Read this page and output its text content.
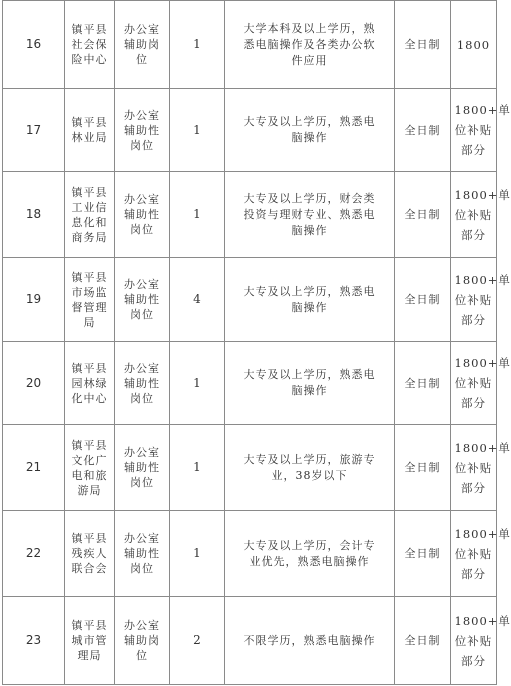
16	镇平县社会保险中心	办公室辅助岗位	1	大学本科及以上学历，熟悉电脑操作及各类办公软件应用	全日制	1800	
17	镇平县林业局	办公室辅助性岗位	1	大专及以上学历，熟悉电脑操作	全日制	1800+单位补贴部分	
18	镇平县工业信息化和商务局	办公室辅助性岗位	1	大专及以上学历，财会类投资与理财专业、熟悉电脑操作	全日制	1800+单位补贴部分	
19	镇平县市场监督管理局	办公室辅助性岗位	4	大专及以上学历，熟悉电脑操作	全日制	1800+单位补贴部分	
20	镇平县园林绿化中心	办公室辅助性岗位	1	大专及以上学历，熟悉电脑操作	全日制	1800+单位补贴部分	
21	镇平县文化广电和旅游局	办公室辅助性岗位	1	大专及以上学历，旅游专业，38岁以下	全日制	1800+单位补贴部分	
22	镇平县残疾人联合会	办公室辅助性岗位	1	大专及以上学历，会计专业优先，熟悉电脑操作	全日制	1800+单位补贴部分	
23	镇平县城市管理局	办公室辅助岗位	2	不限学历，熟悉电脑操作	全日制	1800+单位补贴部分	
